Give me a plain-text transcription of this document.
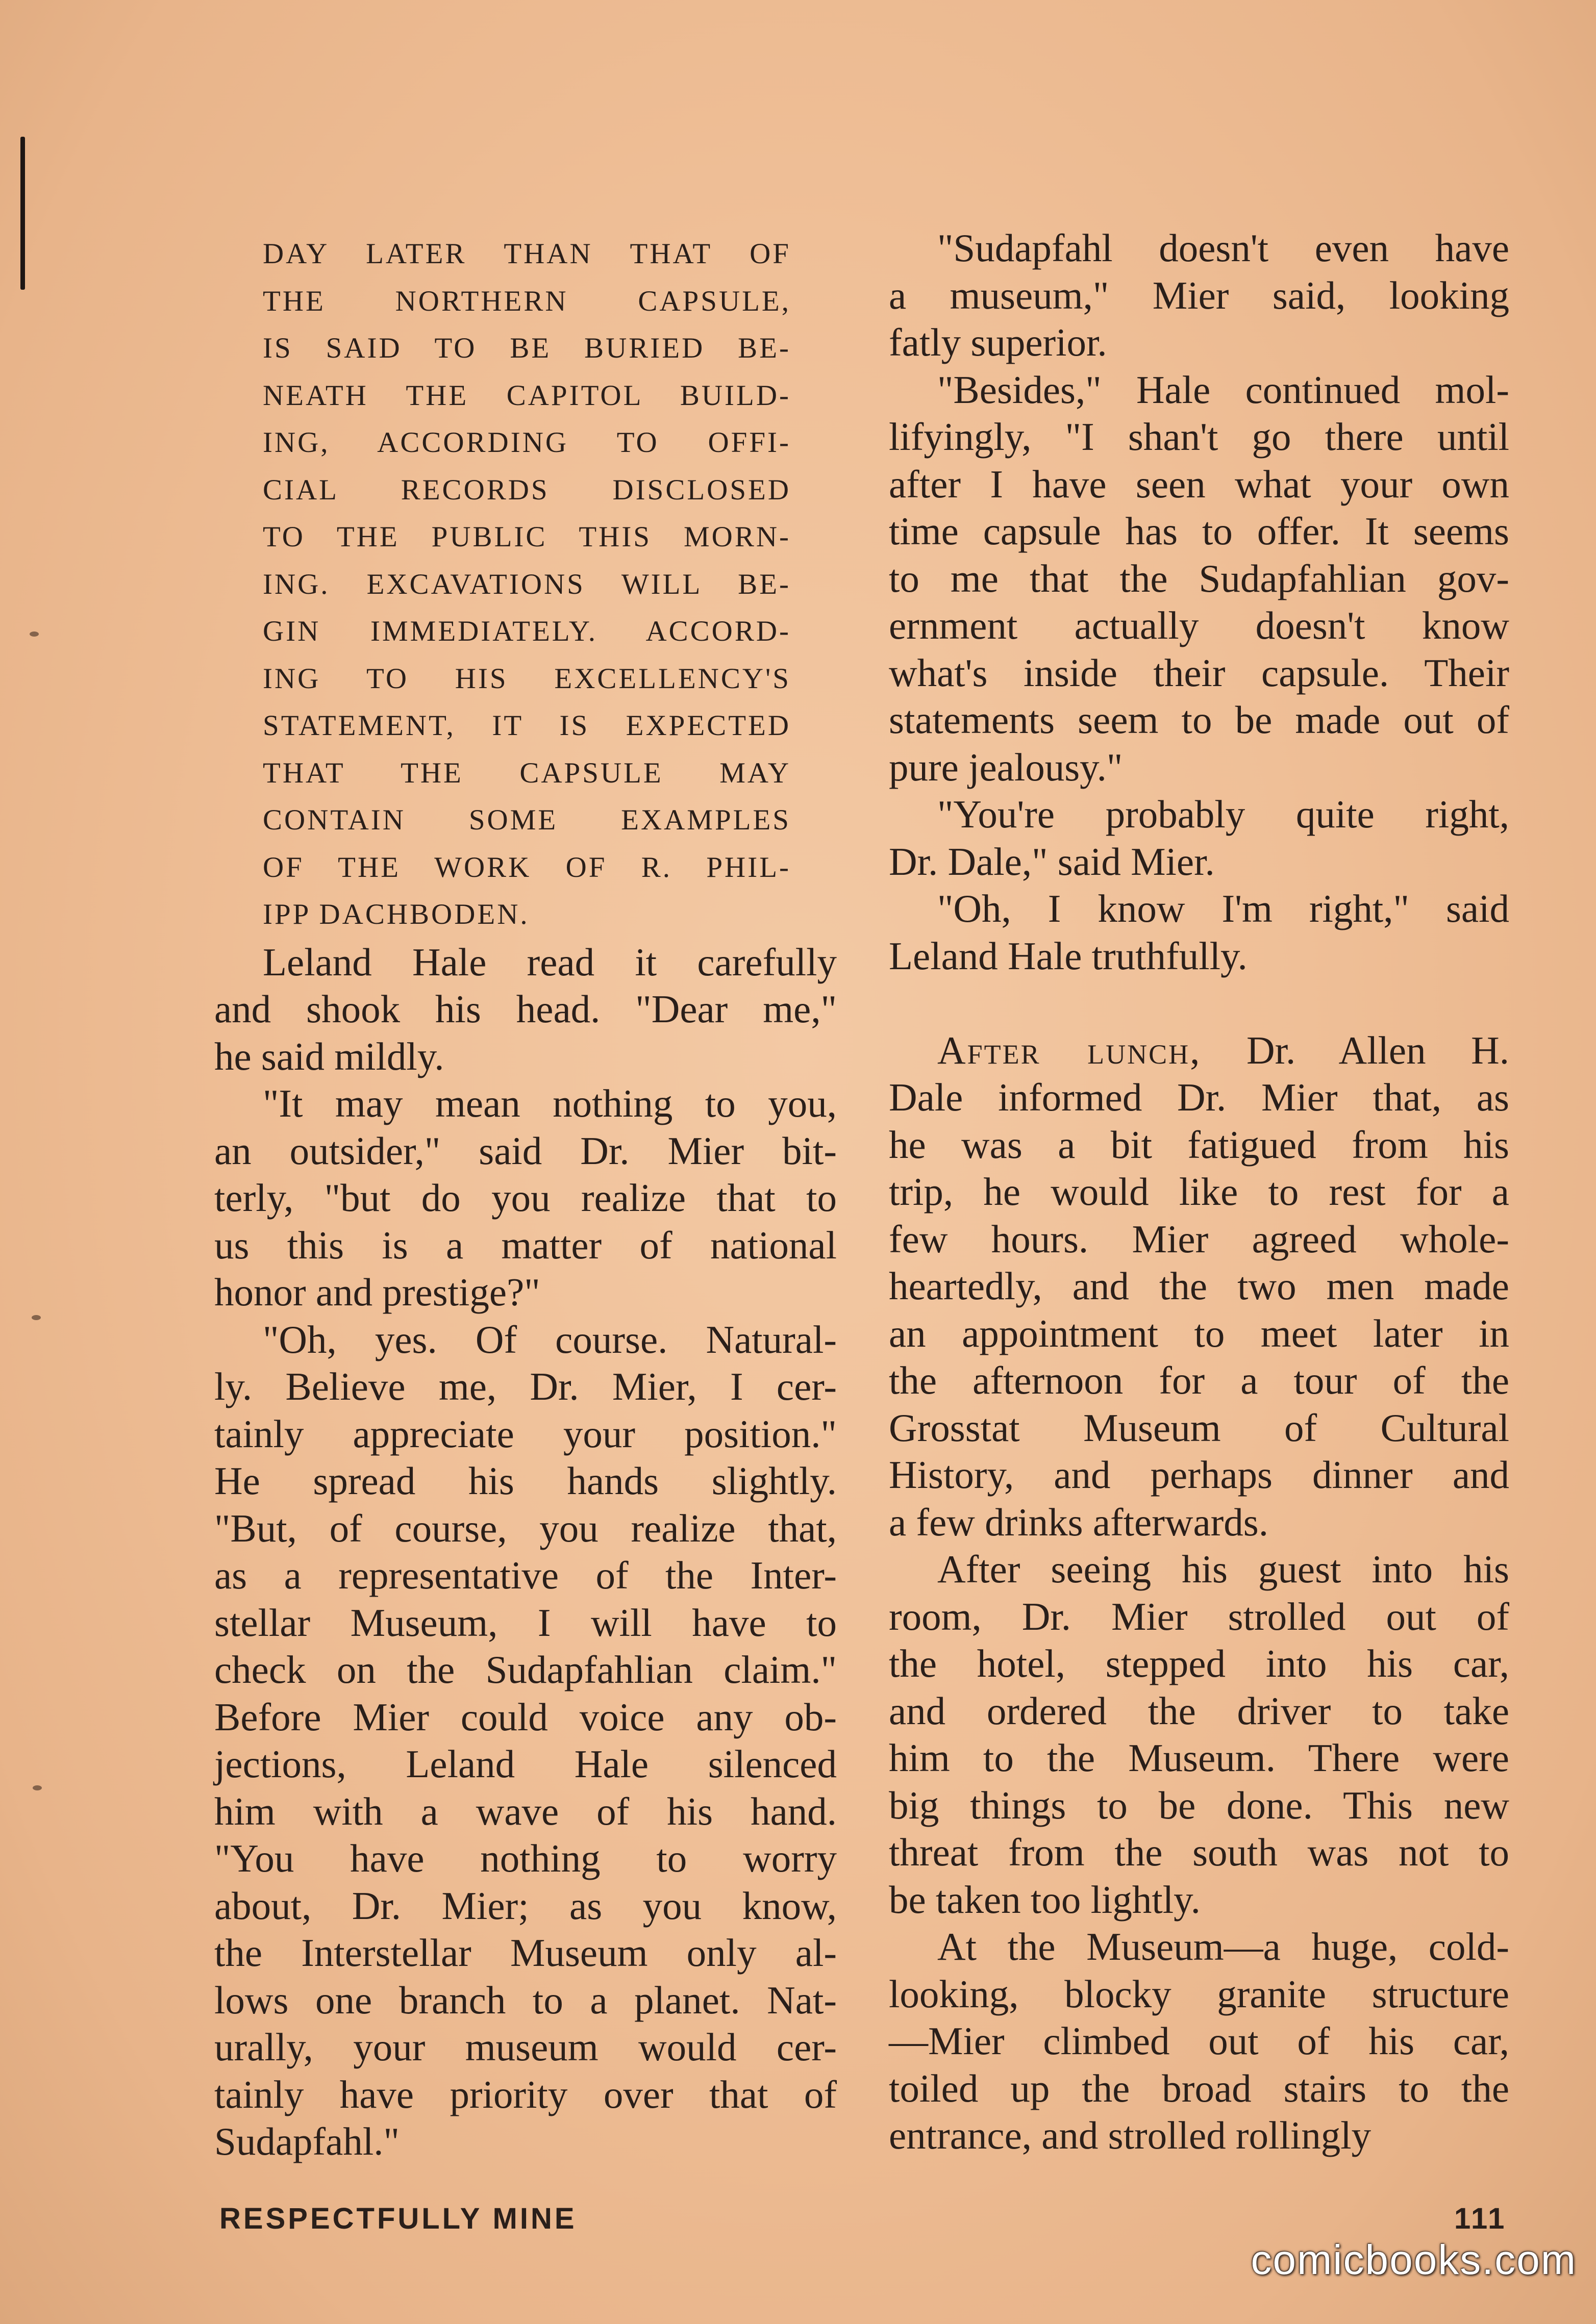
DAY LATER THAN THAT OF
THE NORTHERN CAPSULE,
IS SAID TO BE BURIED BE-
NEATH THE CAPITOL BUILD-
ING, ACCORDING TO OFFI-
CIAL RECORDS DISCLOSED
TO THE PUBLIC THIS MORN-
ING. EXCAVATIONS WILL BE-
GIN IMMEDIATELY. ACCORD-
ING TO HIS EXCELLENCY'S
STATEMENT, IT IS EXPECTED
THAT THE CAPSULE MAY
CONTAIN SOME EXAMPLES
OF THE WORK OF R. PHIL-
IPP DACHBODEN.
Leland Hale read it carefully
and shook his head. "Dear me,"
he said mildly.
"It may mean nothing to you,
an outsider," said Dr. Mier bit-
terly, "but do you realize that to
us this is a matter of national
honor and prestige?"
"Oh, yes. Of course. Natural-
ly. Believe me, Dr. Mier, I cer-
tainly appreciate your position."
He spread his hands slightly.
"But, of course, you realize that,
as a representative of the Inter-
stellar Museum, I will have to
check on the Sudapfahlian claim."
Before Mier could voice any ob-
jections, Leland Hale silenced
him with a wave of his hand.
"You have nothing to worry
about, Dr. Mier; as you know,
the Interstellar Museum only al-
lows one branch to a planet. Nat-
urally, your museum would cer-
tainly have priority over that of
Sudapfahl."
"Sudapfahl doesn't even have
a museum," Mier said, looking
fatly superior.
"Besides," Hale continued mol-
lifyingly, "I shan't go there until
after I have seen what your own
time capsule has to offer. It seems
to me that the Sudapfahlian gov-
ernment actually doesn't know
what's inside their capsule. Their
statements seem to be made out of
pure jealousy."
"You're probably quite right,
Dr. Dale," said Mier.
"Oh, I know I'm right," said
Leland Hale truthfully.
After lunch, Dr. Allen H.
Dale informed Dr. Mier that, as
he was a bit fatigued from his
trip, he would like to rest for a
few hours. Mier agreed whole-
heartedly, and the two men made
an appointment to meet later in
the afternoon for a tour of the
Grosstat Museum of Cultural
History, and perhaps dinner and
a few drinks afterwards.
After seeing his guest into his
room, Dr. Mier strolled out of
the hotel, stepped into his car,
and ordered the driver to take
him to the Museum. There were
big things to be done. This new
threat from the south was not to
be taken too lightly.
At the Museum—a huge, cold-
looking, blocky granite structure
—Mier climbed out of his car,
toiled up the broad stairs to the
entrance, and strolled rollingly
RESPECTFULLY MINE	111
comicbooks.com
